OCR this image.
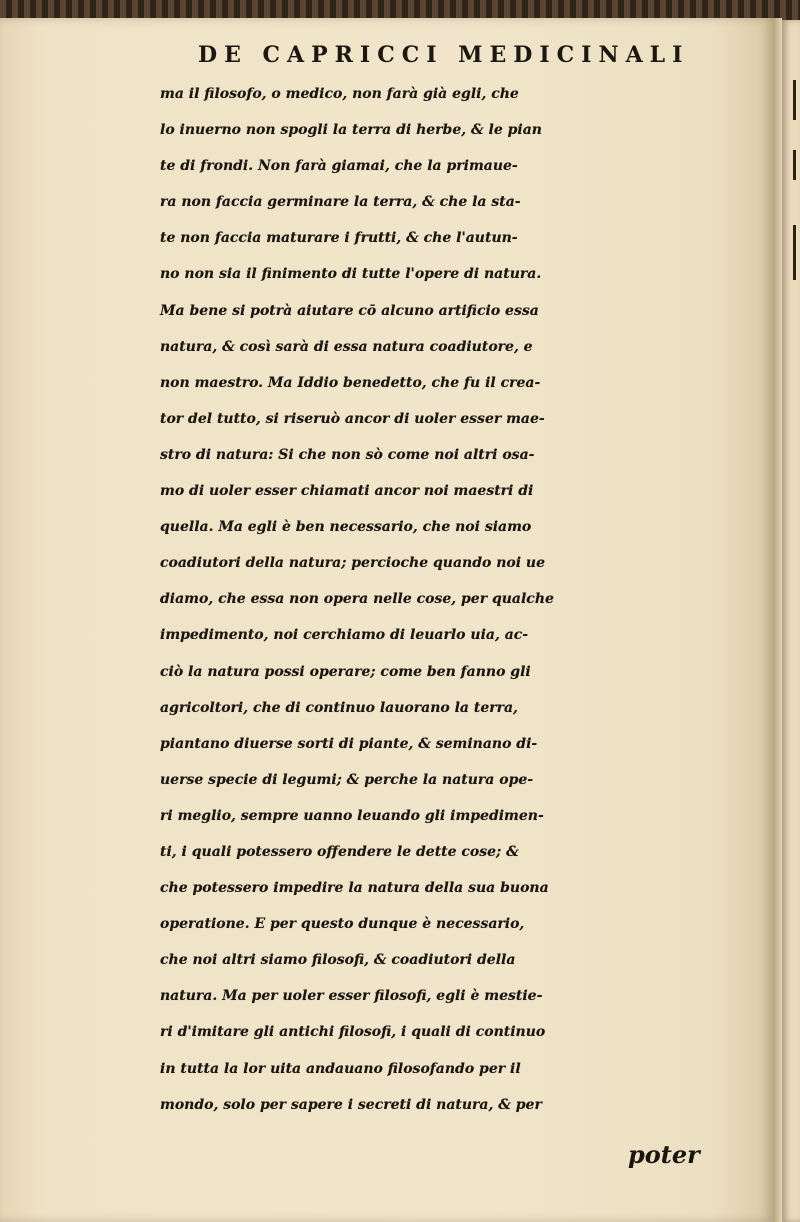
DE CAPRICCI MEDICINALI
ma il filosofo, o medico, non farà già egli, che
lo inuerno non spogli la terra di herbe, & le pian
te di frondi. Non farà giamai, che la primaue-
ra non faccia germinare la terra, & che la sta-
te non faccia maturare i frutti, & che l'autun-
no non sia il finimento di tutte l'opere di natura.
Ma bene si potrà aiutare cō alcuno artificio essa
natura, & così sarà di essa natura coadiutore, e
non maestro. Ma Iddio benedetto, che fu il crea-
tor del tutto, si riseruò ancor di uoler esser mae-
stro di natura: Si che non sò come noi altri osa-
mo di uoler esser chiamati ancor noi maestri di
quella. Ma egli è ben necessario, che noi siamo
coadiutori della natura; percioche quando noi ue
diamo, che essa non opera nelle cose, per qualche
impedimento, noi cerchiamo di leuarlo uia, ac-
ciò la natura possi operare; come ben fanno gli
agricoltori, che di continuo lauorano la terra,
piantano diuerse sorti di piante, & seminano di-
uerse specie di legumi; & perche la natura ope-
ri meglio, sempre uanno leuando gli impedimen-
ti, i quali potessero offendere le dette cose; &
che potessero impedire la natura della sua buona
operatione. E per questo dunque è necessario,
che noi altri siamo filosofi, & coadiutori della
natura. Ma per uoler esser filosofi, egli è mestie-
ri d'imitare gli antichi filosofi, i quali di continuo
in tutta la lor uita andauano filosofando per il
mondo, solo per sapere i secreti di natura, & per
poter
